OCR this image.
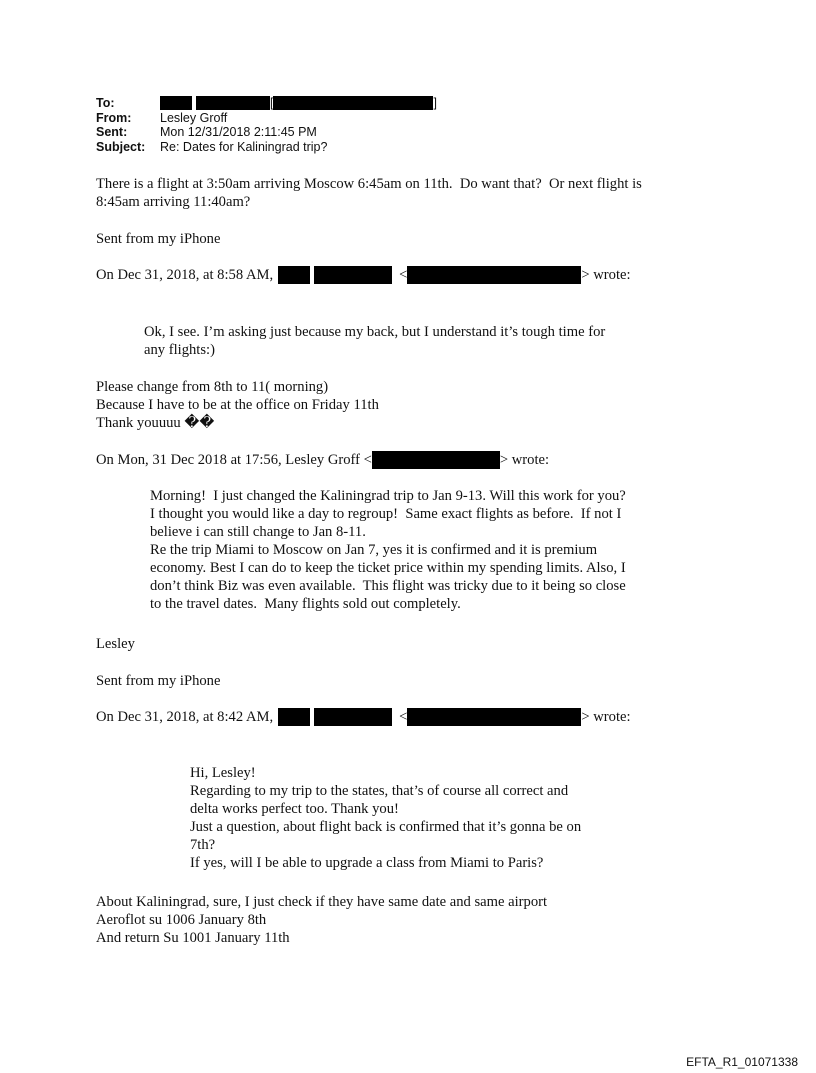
To:	[	]
From:	Lesley Groff
Sent:	Mon 12/31/2018 2:11:45 PM
Subject:	Re: Dates for Kaliningrad trip?
There is a flight at 3:50am arriving Moscow 6:45am on 11th.  Do want that?  Or next flight is
8:45am arriving 11:40am?
Sent from my iPhone
On Dec 31, 2018, at 8:58 AM,	<	> wrote:
Ok, I see. I’m asking just because my back, but I understand it’s tough time for
any flights:)
Please change from 8th to 11( morning)
Because I have to be at the office on Friday 11th
Thank youuuu ��
On Mon, 31 Dec 2018 at 17:56, Lesley Groff <	> wrote:
Morning!  I just changed the Kaliningrad trip to Jan 9-13. Will this work for you?
I thought you would like a day to regroup!  Same exact flights as before.  If not I
believe i can still change to Jan 8-11.
Re the trip Miami to Moscow on Jan 7, yes it is confirmed and it is premium
economy. Best I can do to keep the ticket price within my spending limits. Also, I
don’t think Biz was even available.  This flight was tricky due to it being so close
to the travel dates.  Many flights sold out completely.
Lesley
Sent from my iPhone
On Dec 31, 2018, at 8:42 AM,	<	> wrote:
Hi, Lesley!
Regarding to my trip to the states, that’s of course all correct and
delta works perfect too. Thank you!
Just a question, about flight back is confirmed that it’s gonna be on
7th?
If yes, will I be able to upgrade a class from Miami to Paris?
About Kaliningrad, sure, I just check if they have same date and same airport
Aeroflot su 1006 January 8th
And return Su 1001 January 11th
EFTA_R1_01071338
